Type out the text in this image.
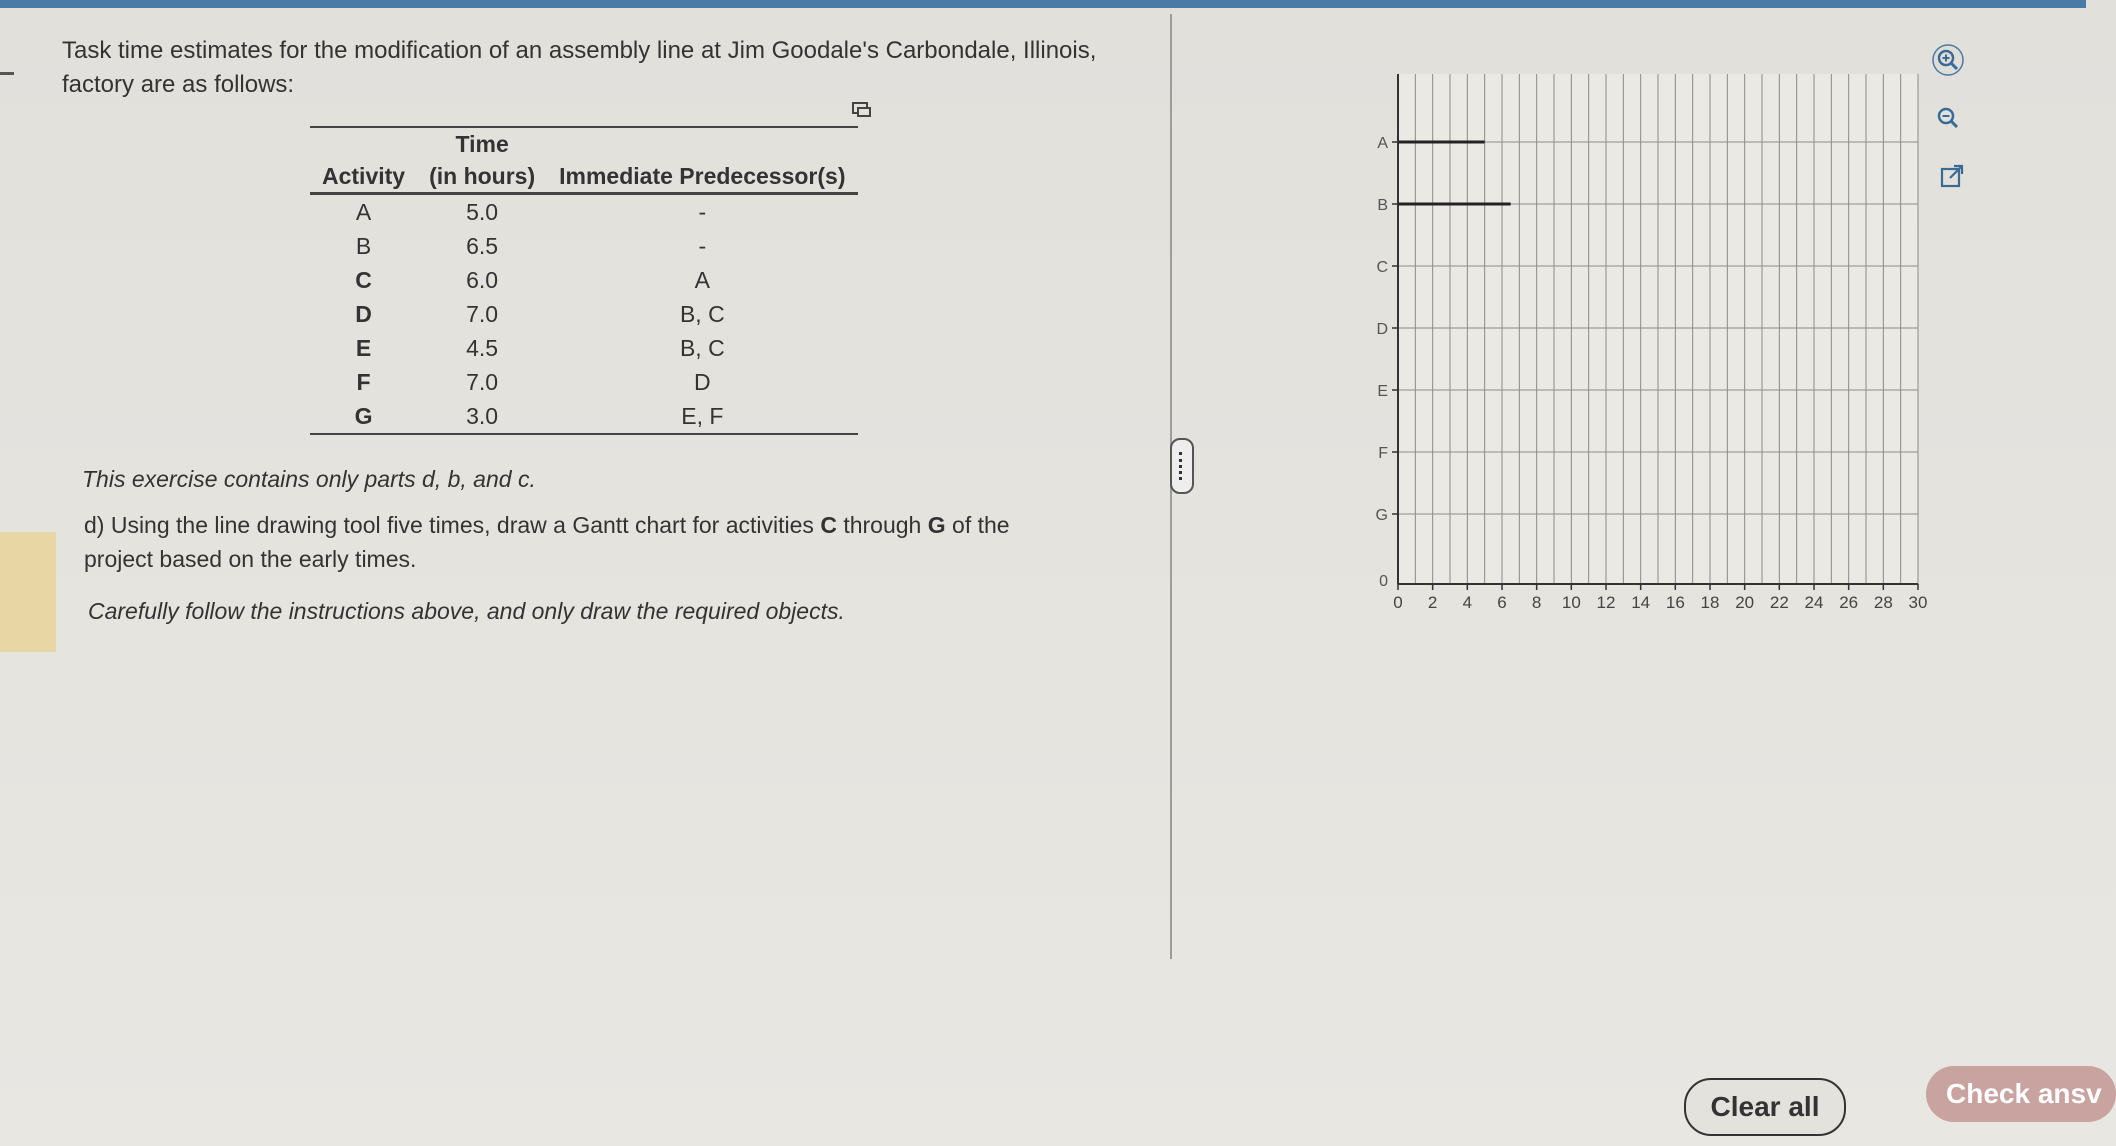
Task time estimates for the modification of an assembly line at Jim Goodale's Carbondale, Illinois,
factory are as follows:
	Time	
Activity	(in hours)	Immediate Predecessor(s)
A	5.0	-
B	6.5	-
C	6.0	A
D	7.0	B, C
E	4.5	B, C
F	7.0	D
G	3.0	E, F
This exercise contains only parts d, b, and c.
d) Using the line drawing tool five times, draw a Gantt chart for activities C through G of the project based on the early times.
Carefully follow the instructions above, and only draw the required objects.
A
B
C
D
E
F
G
0
0 2 4 6 8 10 12 14 16 18 20 22 24 26 28 30
Clear all	Check ansv
